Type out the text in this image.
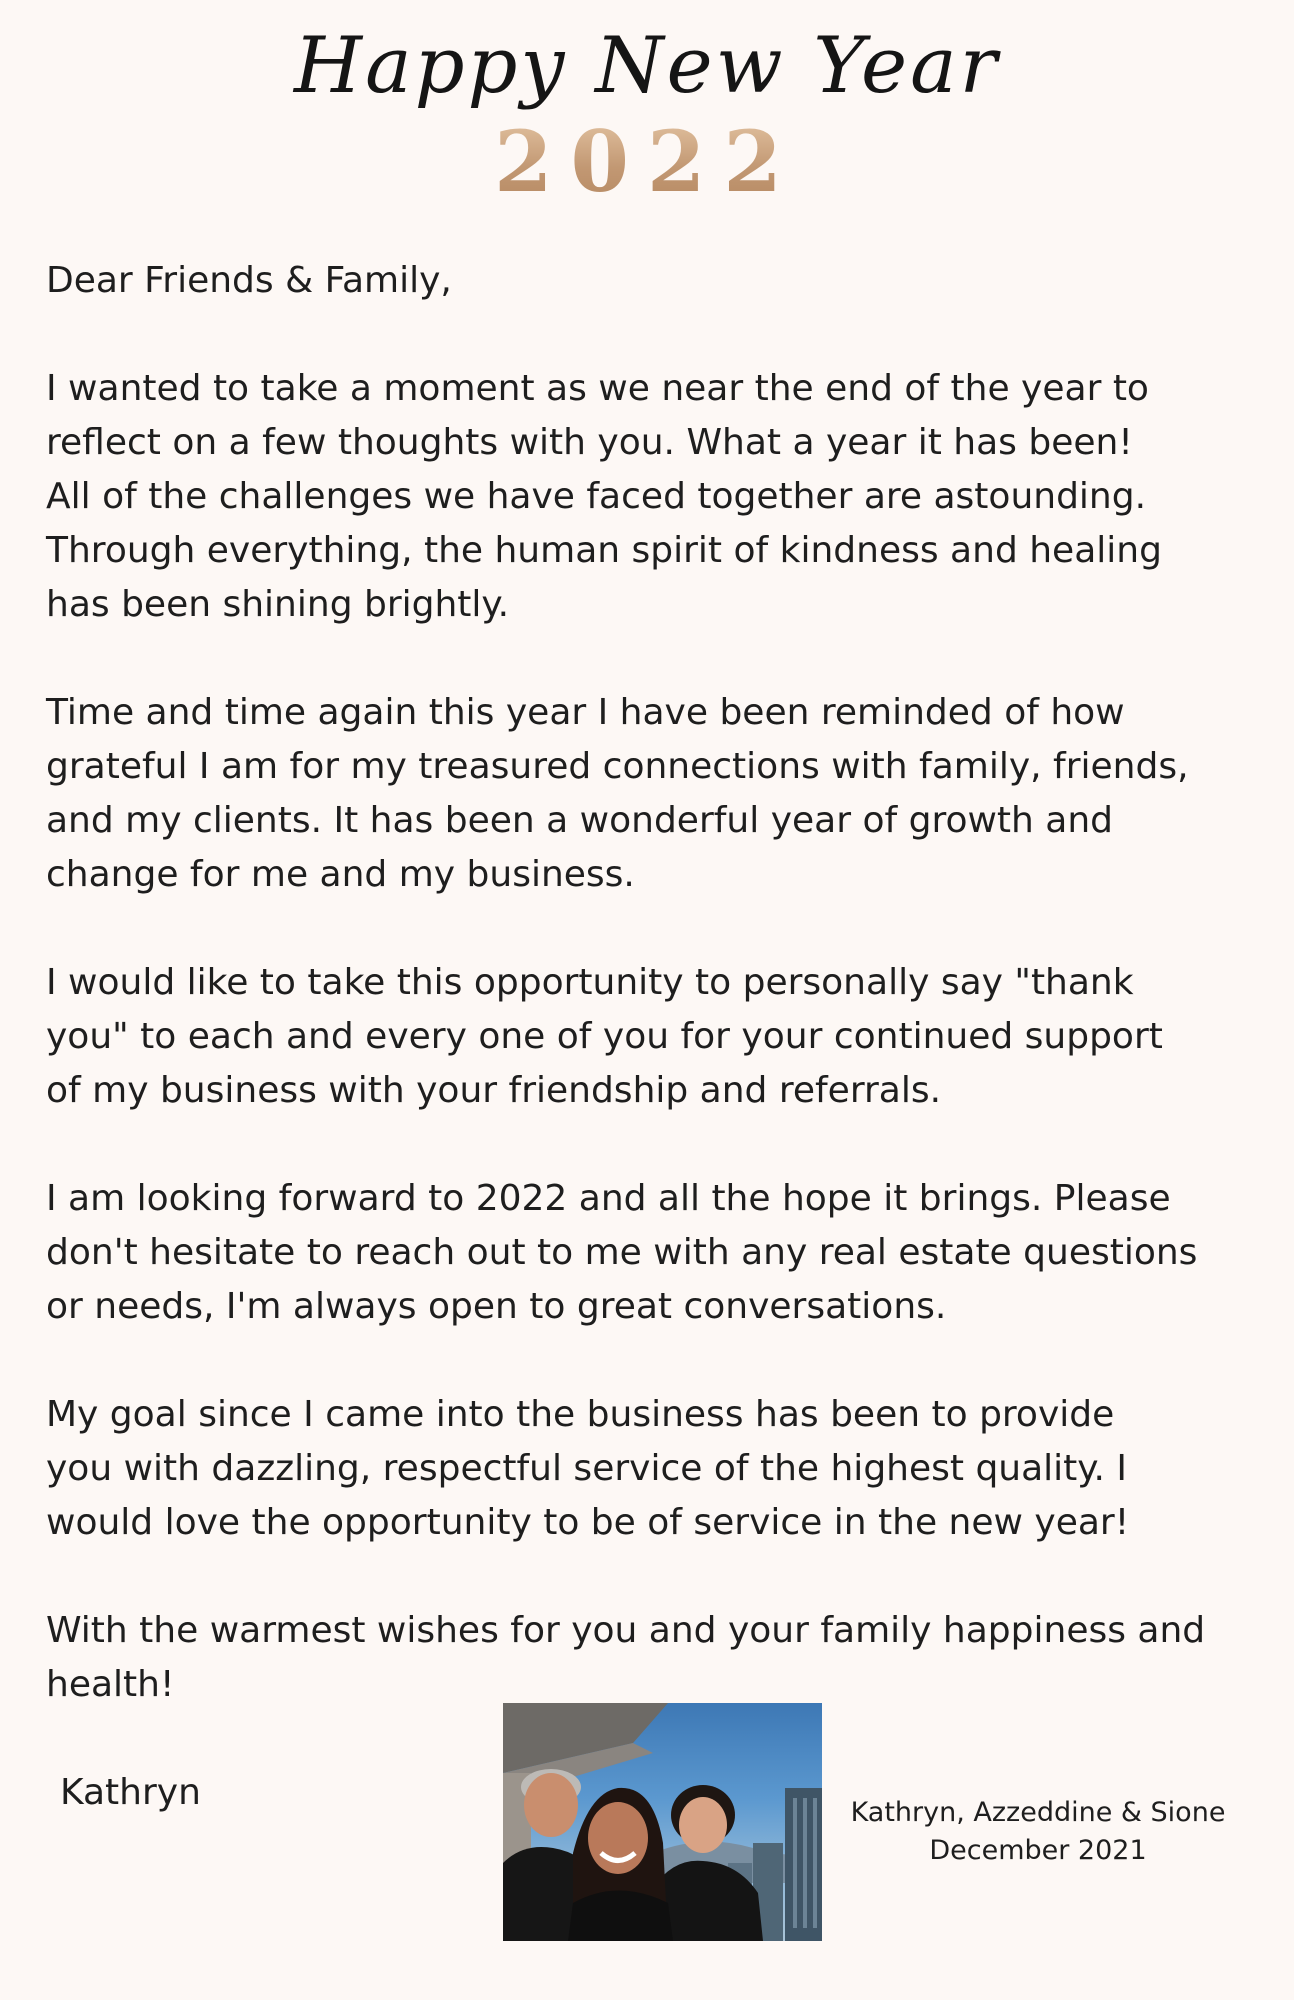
Happy New Year
2022

Dear Friends & Family,

I wanted to take a moment as we near the end of the year to
reflect on a few thoughts with you. What a year it has been!
All of the challenges we have faced together are astounding.
Through everything, the human spirit of kindness and healing
has been shining brightly.

Time and time again this year I have been reminded of how
grateful I am for my treasured connections with family, friends,
and my clients. It has been a wonderful year of growth and
change for me and my business.

I would like to take this opportunity to personally say "thank
you" to each and every one of you for your continued support
of my business with your friendship and referrals.

I am looking forward to 2022 and all the hope it brings. Please
don't hesitate to reach out to me with any real estate questions
or needs, I'm always open to great conversations.

My goal since I came into the business has been to provide
you with dazzling, respectful service of the highest quality. I
would love the opportunity to be of service in the new year!

With the warmest wishes for you and your family happiness and
health!

Kathryn	Kathryn, Azzeddine & Sione
December 2021
